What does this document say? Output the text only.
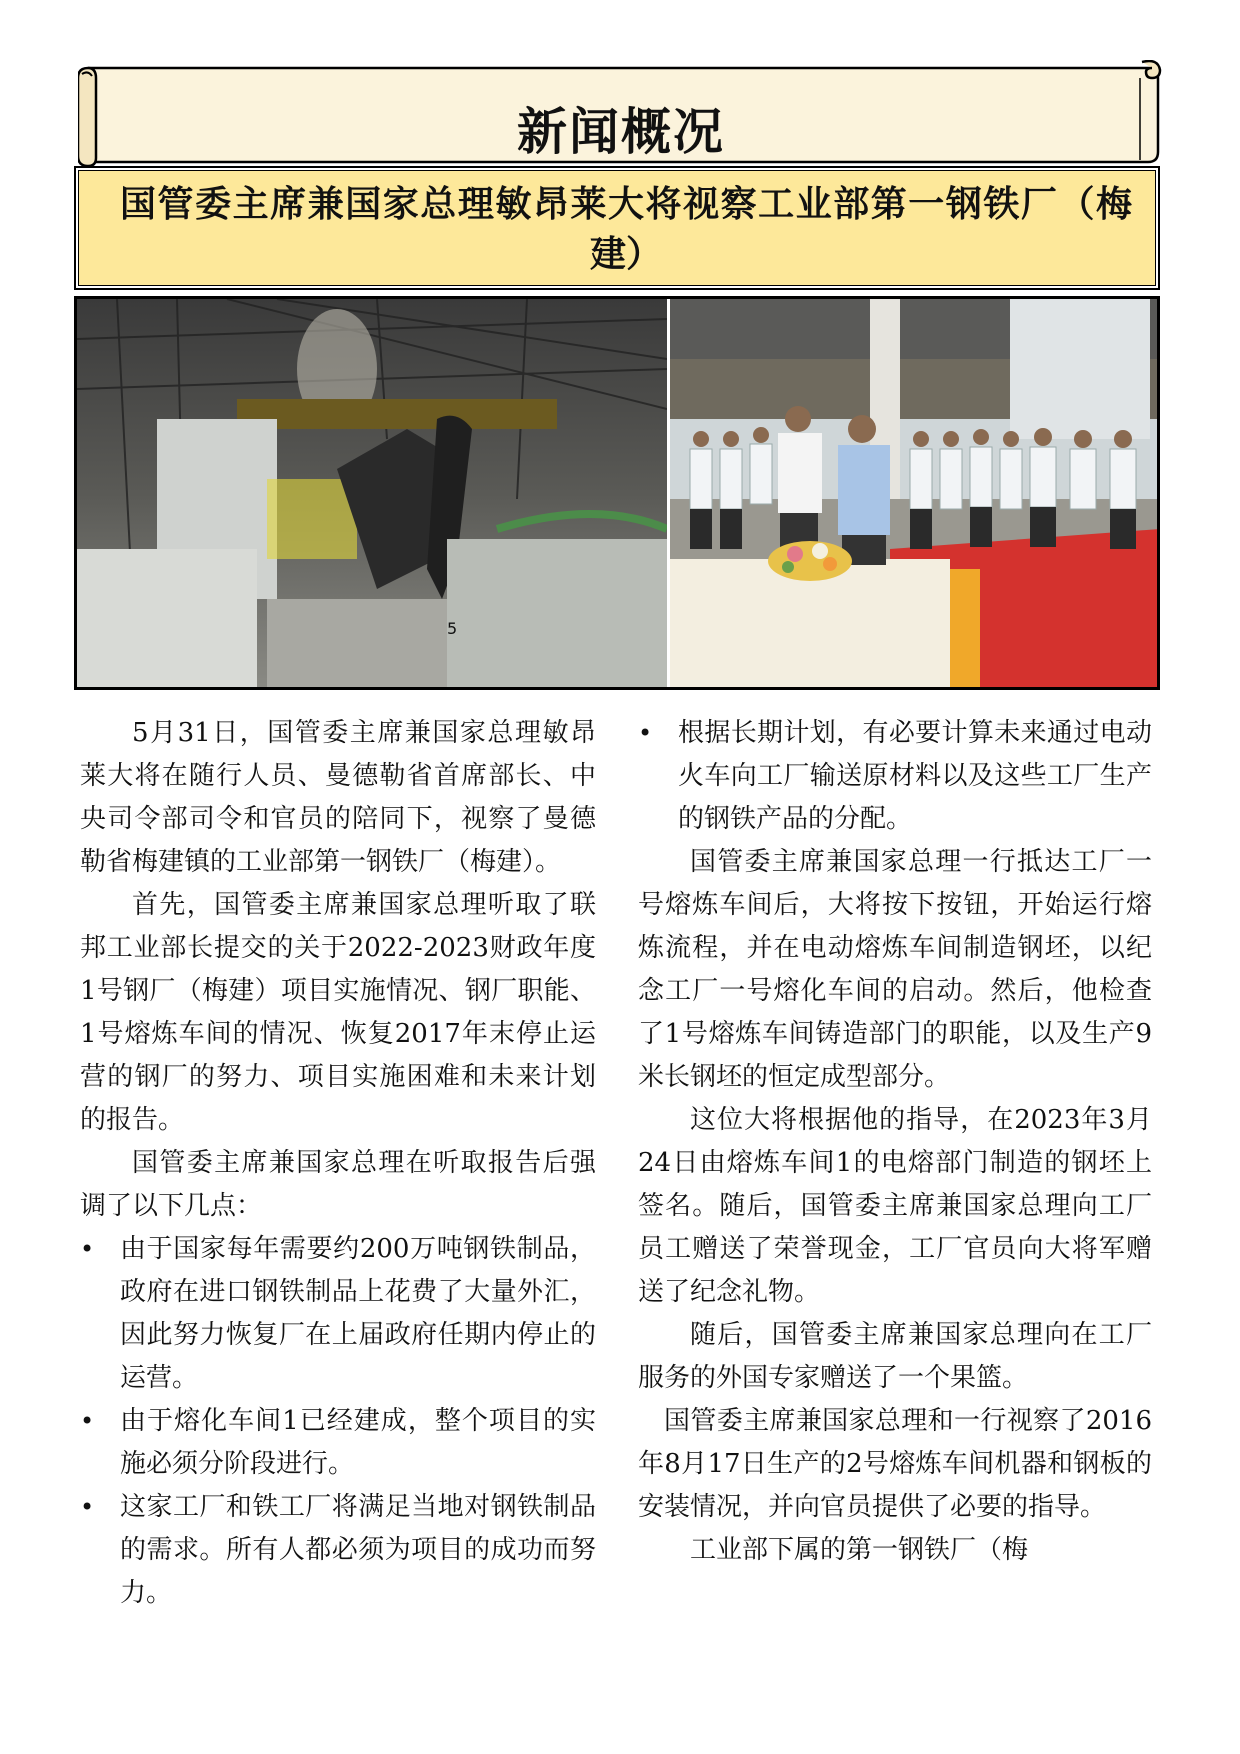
新闻概况
国管委主席兼国家总理敏昂莱大将视察工业部第一钢铁厂（梅建）
5

5月31日，国管委主席兼国家总理敏昂莱大将在随行人员、曼德勒省首席部长、中央司令部司令和官员的陪同下，视察了曼德勒省梅建镇的工业部第一钢铁厂（梅建）。

首先，国管委主席兼国家总理听取了联邦工业部长提交的关于2022-2023财政年度1号钢厂（梅建）项目实施情况、钢厂职能、1号熔炼车间的情况、恢复2017年末停止运营的钢厂的努力、项目实施困难和未来计划的报告。

国管委主席兼国家总理在听取报告后强调了以下几点：

• 由于国家每年需要约200万吨钢铁制品，政府在进口钢铁制品上花费了大量外汇，因此努力恢复厂在上届政府任期内停止的运营。
• 由于熔化车间1已经建成，整个项目的实施必须分阶段进行。
• 这家工厂和铁工厂将满足当地对钢铁制品的需求。所有人都必须为项目的成功而努力。
• 根据长期计划，有必要计算未来通过电动火车向工厂输送原材料以及这些工厂生产的钢铁产品的分配。

国管委主席兼国家总理一行抵达工厂一号熔炼车间后，大将按下按钮，开始运行熔炼流程，并在电动熔炼车间制造钢坯，以纪念工厂一号熔化车间的启动。然后，他检查了1号熔炼车间铸造部门的职能，以及生产9米长钢坯的恒定成型部分。

这位大将根据他的指导，在2023年3月24日由熔炼车间1的电熔部门制造的钢坯上签名。随后，国管委主席兼国家总理向工厂员工赠送了荣誉现金，工厂官员向大将军赠送了纪念礼物。

随后，国管委主席兼国家总理向在工厂服务的外国专家赠送了一个果篮。

国管委主席兼国家总理和一行视察了2016年8月17日生产的2号熔炼车间机器和钢板的安装情况，并向官员提供了必要的指导。

工业部下属的第一钢铁厂（梅
